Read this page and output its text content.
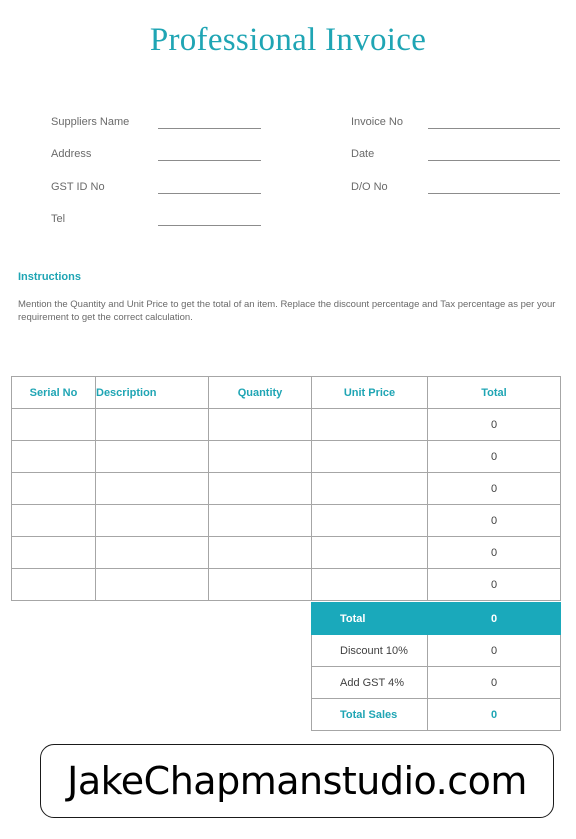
Professional Invoice
Suppliers Name
Address
GST ID No
Tel
Invoice No
Date
D/O No
Instructions
Mention the Quantity and Unit Price to get the total of an item. Replace the discount percentage and Tax percentage as per your requirement to get the correct calculation.
Serial No	Description	Quantity	Unit Price	Total
				0
				0
				0
				0
				0
				0
Total	0
Discount 10%	0
Add GST 4%	0
Total Sales	0
JakeChapmanstudio.com
